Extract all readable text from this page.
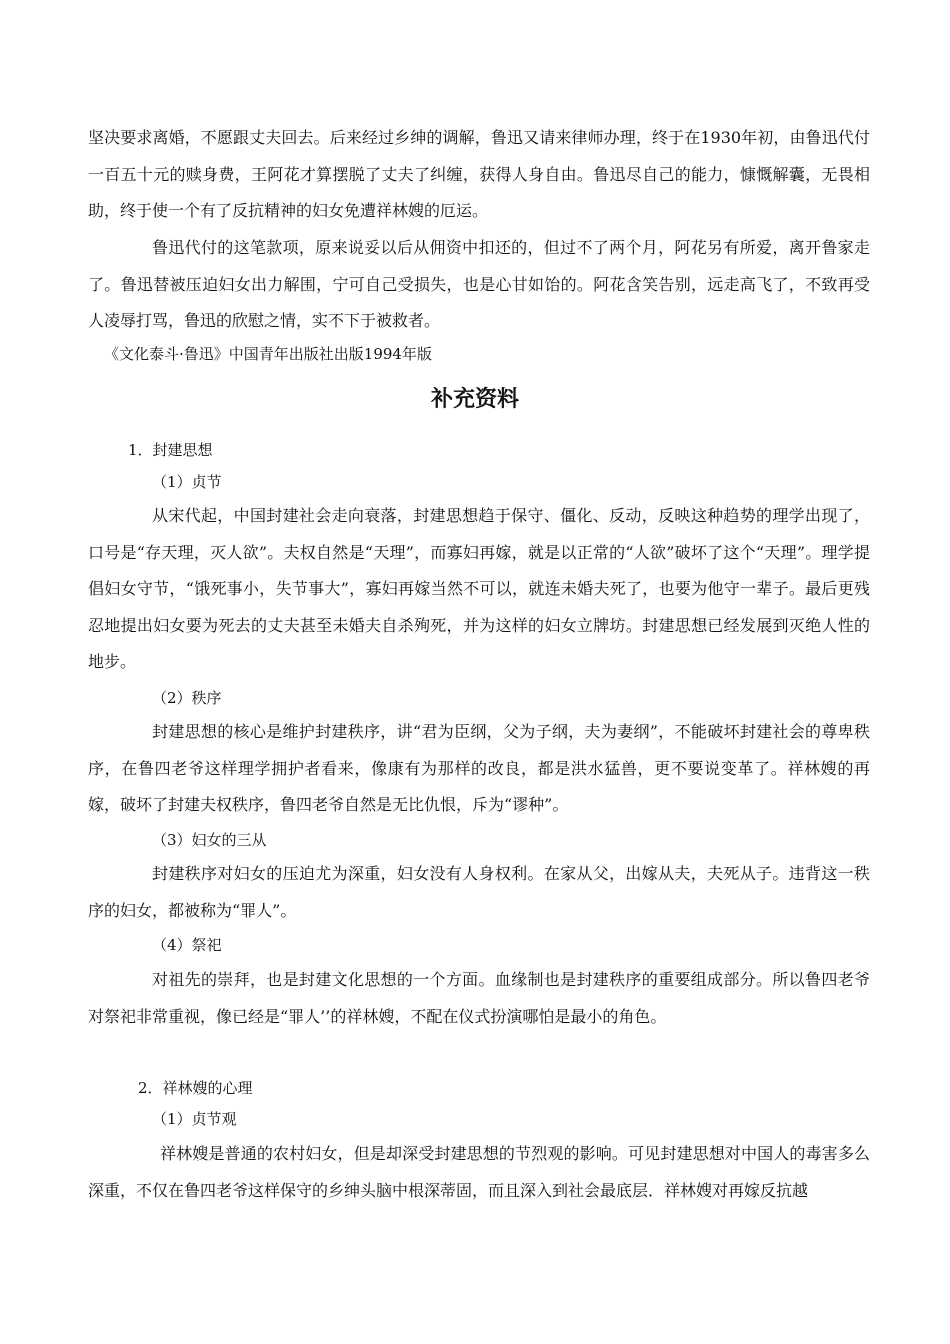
坚决要求离婚，不愿跟丈夫回去。后来经过乡绅的调解，鲁迅又请来律师办理，终于在1930年初，由鲁迅代付一百五十元的赎身费，王阿花才算摆脱了丈夫了纠缠，获得人身自由。鲁迅尽自己的能力，慷慨解囊，无畏相助，终于使一个有了反抗精神的妇女免遭祥林嫂的厄运。

鲁迅代付的这笔款项，原来说妥以后从佣资中扣还的，但过不了两个月，阿花另有所爱，离开鲁家走了。鲁迅替被压迫妇女出力解围，宁可自己受损失，也是心甘如饴的。阿花含笑告别，远走高飞了，不致再受人凌辱打骂，鲁迅的欣慰之情，实不下于被救者。

《文化泰斗·鲁迅》中国青年出版社出版1994年版

补充资料

1．封建思想

（1）贞节

从宋代起，中国封建社会走向衰落，封建思想趋于保守、僵化、反动，反映这种趋势的理学出现了，口号是“存天理，灭人欲”。夫权自然是“天理”，而寡妇再嫁，就是以正常的“人欲”破坏了这个“天理”。理学提倡妇女守节，“饿死事小，失节事大”，寡妇再嫁当然不可以，就连未婚夫死了，也要为他守一辈子。最后更残忍地提出妇女要为死去的丈夫甚至未婚夫自杀殉死，并为这样的妇女立牌坊。封建思想已经发展到灭绝人性的地步。

（2）秩序

封建思想的核心是维护封建秩序，讲“君为臣纲，父为子纲，夫为妻纲”，不能破坏封建社会的尊卑秩序，在鲁四老爷这样理学拥护者看来，像康有为那样的改良，都是洪水猛兽，更不要说变革了。祥林嫂的再嫁，破坏了封建夫权秩序，鲁四老爷自然是无比仇恨，斥为“谬种”。

（3）妇女的三从

封建秩序对妇女的压迫尤为深重，妇女没有人身权利。在家从父，出嫁从夫，夫死从子。违背这一秩序的妇女，都被称为“罪人”。

（4）祭祀

对祖先的崇拜，也是封建文化思想的一个方面。血缘制也是封建秩序的重要组成部分。所以鲁四老爷对祭祀非常重视，像已经是“罪人’’的祥林嫂，不配在仪式扮演哪怕是最小的角色。

2．祥林嫂的心理

（1）贞节观

祥林嫂是普通的农村妇女，但是却深受封建思想的节烈观的影响。可见封建思想对中国人的毒害多么深重，不仅在鲁四老爷这样保守的乡绅头脑中根深蒂固，而且深入到社会最底层．祥林嫂对再嫁反抗越
